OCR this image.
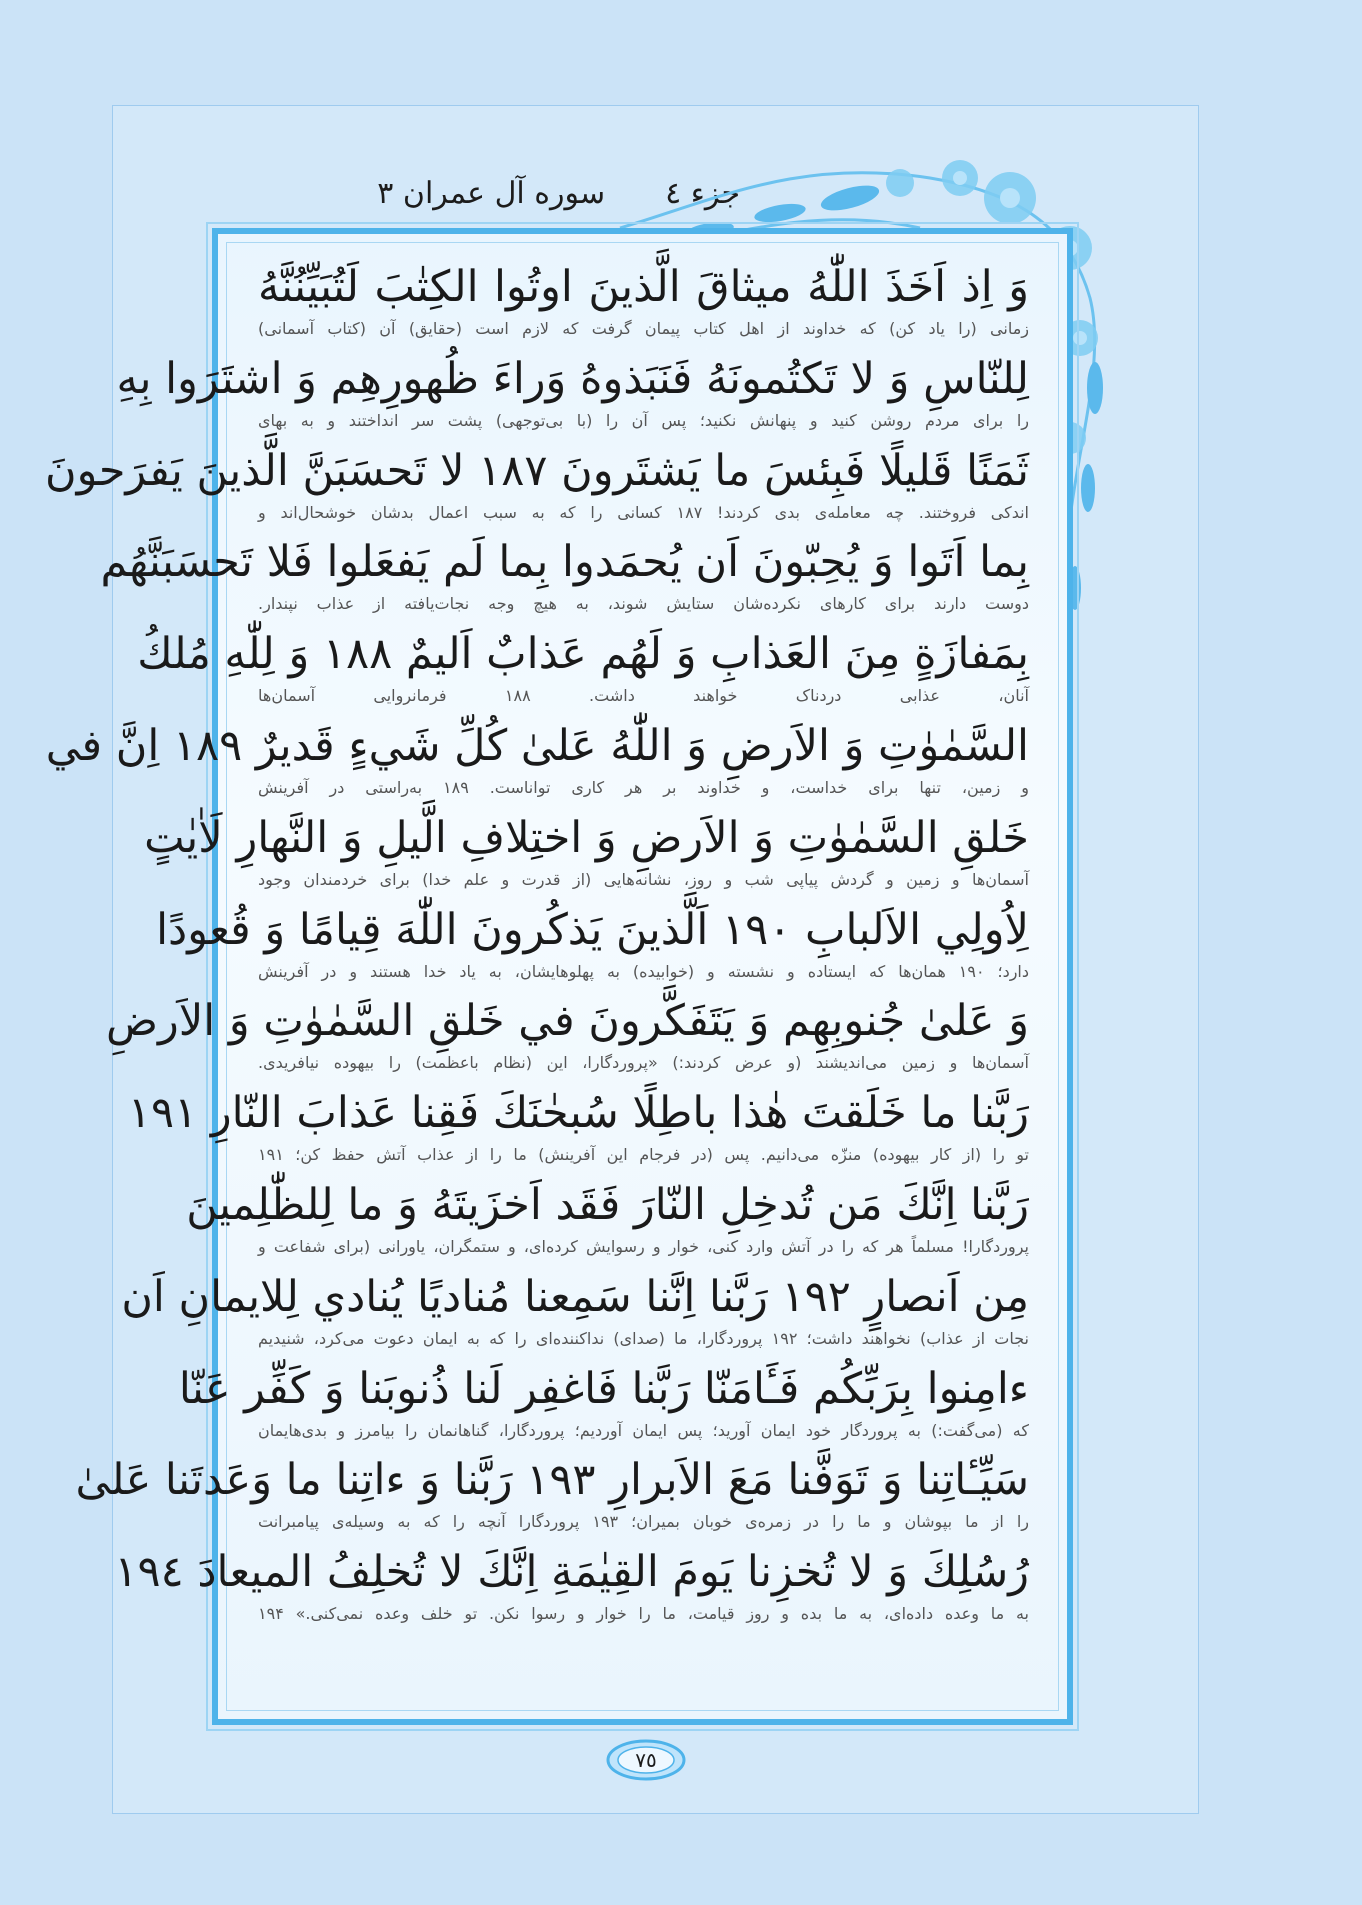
جزء ٤
سوره آل عمران ٣
وَ اِذ اَخَذَ اللّٰهُ ميثاقَ الَّذينَ اوتُوا الكِتٰبَ لَتُبَيِّنُنَّهُ
زمانی (را یاد کن) که خداوند از اهل کتاب پیمان گرفت که لازم است (حقایق) آن (کتاب آسمانی)
لِلنّاسِ وَ لا تَكتُمونَهُ فَنَبَذوهُ وَراءَ ظُهورِهِم وَ اشتَرَوا بِهِ
را برای مردم روشن کنید و پنهانش نکنید؛ پس آن را (با بی‌توجهی) پشت سر انداختند و به بهای
ثَمَنًا قَليلًا فَبِئسَ ما يَشتَرونَ ١٨٧ لا تَحسَبَنَّ الَّذينَ يَفرَحونَ
اندکی فروختند. چه معامله‌ی بدی کردند! ۱۸۷ کسانی را که به سبب اعمال بدشان خوشحال‌اند و
بِما اَتَوا وَ يُحِبّونَ اَن يُحمَدوا بِما لَم يَفعَلوا فَلا تَحسَبَنَّهُم
دوست دارند برای کارهای نکرده‌شان ستایش شوند، به هیچ وجه نجات‌یافته از عذاب نپندار.
بِمَفازَةٍ مِنَ العَذابِ وَ لَهُم عَذابٌ اَليمٌ ١٨٨ وَ لِلّٰهِ مُلكُ
آنان، عذابی دردناک خواهند داشت. ۱۸۸ فرمانروایی آسمان‌ها
السَّمٰوٰتِ وَ الاَرضِ وَ اللّٰهُ عَلىٰ كُلِّ شَيءٍ قَديرٌ ١٨٩ اِنَّ في
و زمین، تنها برای خداست، و خداوند بر هر کاری تواناست. ۱۸۹ به‌راستی در آفرینش
خَلقِ السَّمٰوٰتِ وَ الاَرضِ وَ اختِلافِ الَّيلِ وَ النَّهارِ لَاٰيٰتٍ
آسمان‌ها و زمین و گردش پیاپی شب و روز، نشانه‌هایی (از قدرت و علم خدا) برای خردمندان وجود
لِاُولِي الاَلبابِ ١٩٠ اَلَّذينَ يَذكُرونَ اللّٰهَ قِيامًا وَ قُعودًا
دارد؛ ۱۹۰ همان‌ها که ایستاده و نشسته و (خوابیده) به پهلوهایشان، به یاد خدا هستند و در آفرینش
وَ عَلىٰ جُنوبِهِم وَ يَتَفَكَّرونَ في خَلقِ السَّمٰوٰتِ وَ الاَرضِ
آسمان‌ها و زمین می‌اندیشند (و عرض کردند:) «پروردگارا، این (نظام باعظمت) را بیهوده نیافریدی.
رَبَّنا ما خَلَقتَ هٰذا باطِلًا سُبحٰنَكَ فَقِنا عَذابَ النّارِ ١٩١
تو را (از کار بیهوده) منزّه می‌دانیم. پس (در فرجام این آفرینش) ما را از عذاب آتش حفظ کن؛ ۱۹۱
رَبَّنا اِنَّكَ مَن تُدخِلِ النّارَ فَقَد اَخزَيتَهُ وَ ما لِلظّٰلِمينَ
پروردگارا! مسلماً هر که را در آتش وارد کنی، خوار و رسوایش کرده‌ای، و ستمگران، یاورانی (برای شفاعت و
مِن اَنصارٍ ١٩٢ رَبَّنا اِنَّنا سَمِعنا مُناديًا يُنادي لِلايمانِ اَن
نجات از عذاب) نخواهند داشت؛ ۱۹۲ پروردگارا، ما (صدای) نداکننده‌ای را که به ایمان دعوت می‌کرد، شنیدیم
ءامِنوا بِرَبِّكُم فَـَٔامَنّا رَبَّنا فَاغفِر لَنا ذُنوبَنا وَ كَفِّر عَنّا
که (می‌گفت:) به پروردگار خود ایمان آورید؛ پس ایمان آوردیم؛ پروردگارا، گناهانمان را بیامرز و بدی‌هایمان
سَيِّـٔاتِنا وَ تَوَفَّنا مَعَ الاَبرارِ ١٩٣ رَبَّنا وَ ءاتِنا ما وَعَدتَنا عَلىٰ
را از ما بپوشان و ما را در زمره‌ی خوبان بمیران؛ ۱۹۳ پروردگارا آنچه را که به وسیله‌ی پیامبرانت
رُسُلِكَ وَ لا تُخزِنا يَومَ القِيٰمَةِ اِنَّكَ لا تُخلِفُ الميعادَ ١٩٤
به ما وعده داده‌ای، به ما بده و روز قیامت، ما را خوار و رسوا نکن. تو خلف وعده نمی‌کنی.» ۱۹۴
٧٥
